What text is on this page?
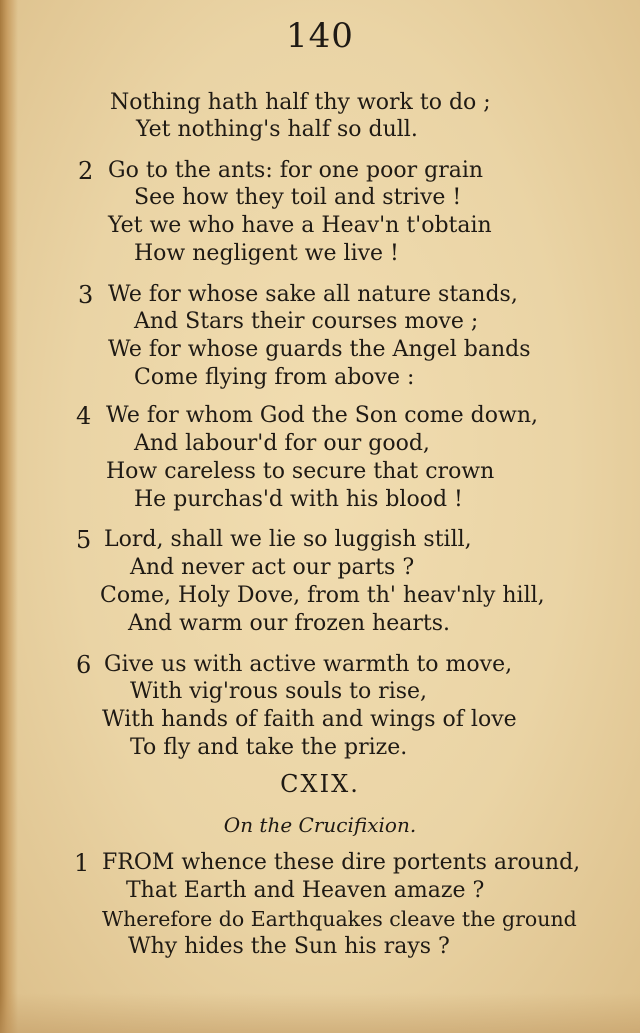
140
Nothing hath half thy work to do ;
Yet nothing's half so dull.
2 Go to the ants: for one poor grain
See how they toil and strive !
Yet we who have a Heav'n t'obtain
How negligent we live !
3 We for whose sake all nature stands,
And Stars their courses move ;
We for whose guards the Angel bands
Come flying from above :
4 We for whom God the Son come down,
And labour'd for our good,
How careless to secure that crown
He purchas'd with his blood !
5 Lord, shall we lie so luggish still,
And never act our parts ?
Come, Holy Dove, from th' heav'nly hill,
And warm our frozen hearts.
6 Give us with active warmth to move,
With vig'rous souls to rise,
With hands of faith and wings of love
To fly and take the prize.
CXIX.
On the Crucifixion.
1 FROM whence these dire portents around,
That Earth and Heaven amaze ?
Wherefore do Earthquakes cleave the ground
Why hides the Sun his rays ?
